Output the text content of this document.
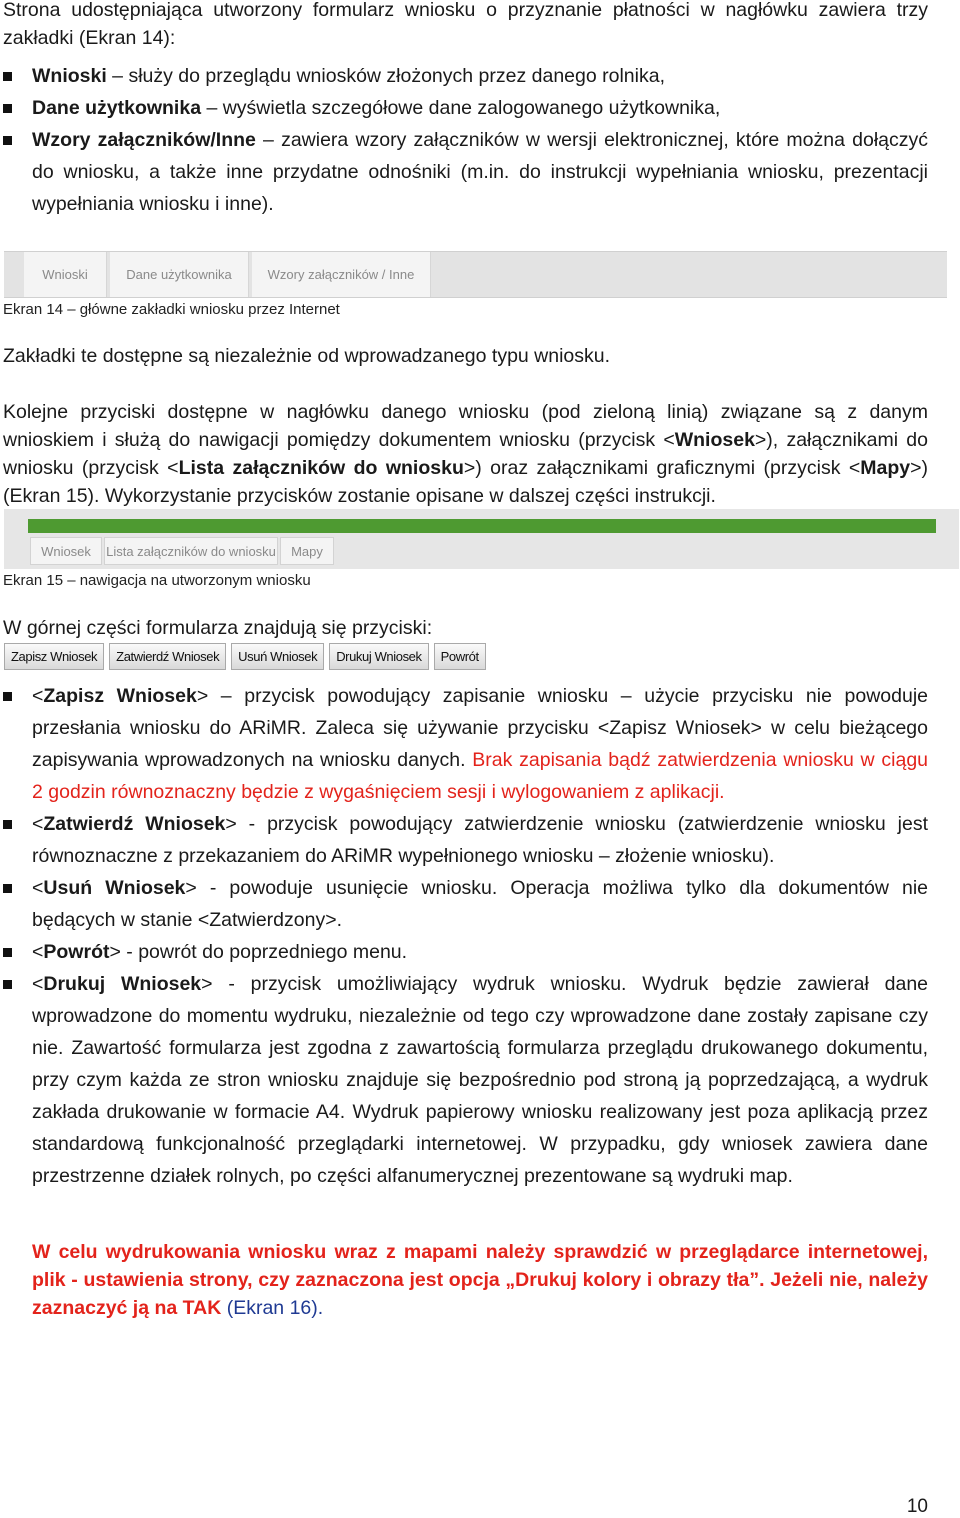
Strona udostępniająca utworzony formularz wniosku o przyznanie płatności w nagłówku zawiera trzy zakładki (Ekran 14):
Wnioski – służy do przeglądu wniosków złożonych przez danego rolnika,
Dane użytkownika – wyświetla szczegółowe dane zalogowanego użytkownika,
Wzory załączników/Inne – zawiera wzory załączników w wersji elektronicznej, które można dołączyć do wniosku, a także inne przydatne odnośniki (m.in. do instrukcji wypełniania wniosku, prezentacji wypełniania wniosku i inne).
Wnioski	Dane użytkownika	Wzory załączników / Inne
Ekran 14 – główne zakładki wniosku przez Internet
Zakładki te dostępne są niezależnie od wprowadzanego typu wniosku.
Kolejne przyciski dostępne w nagłówku danego wniosku (pod zieloną linią) związane są z danym wnioskiem i służą do nawigacji pomiędzy dokumentem wniosku (przycisk <Wniosek>), załącznikami do wniosku (przycisk <Lista załączników do wniosku>) oraz załącznikami graficznymi (przycisk <Mapy>) (Ekran 15). Wykorzystanie przycisków zostanie opisane w dalszej części instrukcji.
Wniosek Lista załączników do wniosku Mapy
Ekran 15 – nawigacja na utworzonym wniosku
W górnej części formularza znajdują się przyciski:
Zapisz Wniosek Zatwierdź Wniosek Usuń Wniosek Drukuj Wniosek Powrót
<Zapisz Wniosek> – przycisk powodujący zapisanie wniosku – użycie przycisku nie powoduje przesłania wniosku do ARiMR. Zaleca się używanie przycisku <Zapisz Wniosek> w celu bieżącego zapisywania wprowadzonych na wniosku danych. Brak zapisania bądź zatwierdzenia wniosku w ciągu 2 godzin równoznaczny będzie z wygaśnięciem sesji i wylogowaniem z aplikacji.
<Zatwierdź Wniosek> - przycisk powodujący zatwierdzenie wniosku (zatwierdzenie wniosku jest równoznaczne z przekazaniem do ARiMR wypełnionego wniosku – złożenie wniosku).
<Usuń Wniosek> - powoduje usunięcie wniosku. Operacja możliwa tylko dla dokumentów nie będących w stanie <Zatwierdzony>.
<Powrót> - powrót do poprzedniego menu.
<Drukuj Wniosek> - przycisk umożliwiający wydruk wniosku. Wydruk będzie zawierał dane wprowadzone do momentu wydruku, niezależnie od tego czy wprowadzone dane zostały zapisane czy nie. Zawartość formularza jest zgodna z zawartością formularza przeglądu drukowanego dokumentu, przy czym każda ze stron wniosku znajduje się bezpośrednio pod stroną ją poprzedzającą, a wydruk zakłada drukowanie w formacie A4. Wydruk papierowy wniosku realizowany jest poza aplikacją przez standardową funkcjonalność przeglądarki internetowej. W przypadku, gdy wniosek zawiera dane przestrzenne działek rolnych, po części alfanumerycznej prezentowane są wydruki map.
W celu wydrukowania wniosku wraz z mapami należy sprawdzić w przeglądarce internetowej, plik - ustawienia strony, czy zaznaczona jest opcja „Drukuj kolory i obrazy tła”. Jeżeli nie, należy zaznaczyć ją na TAK (Ekran 16).
10
